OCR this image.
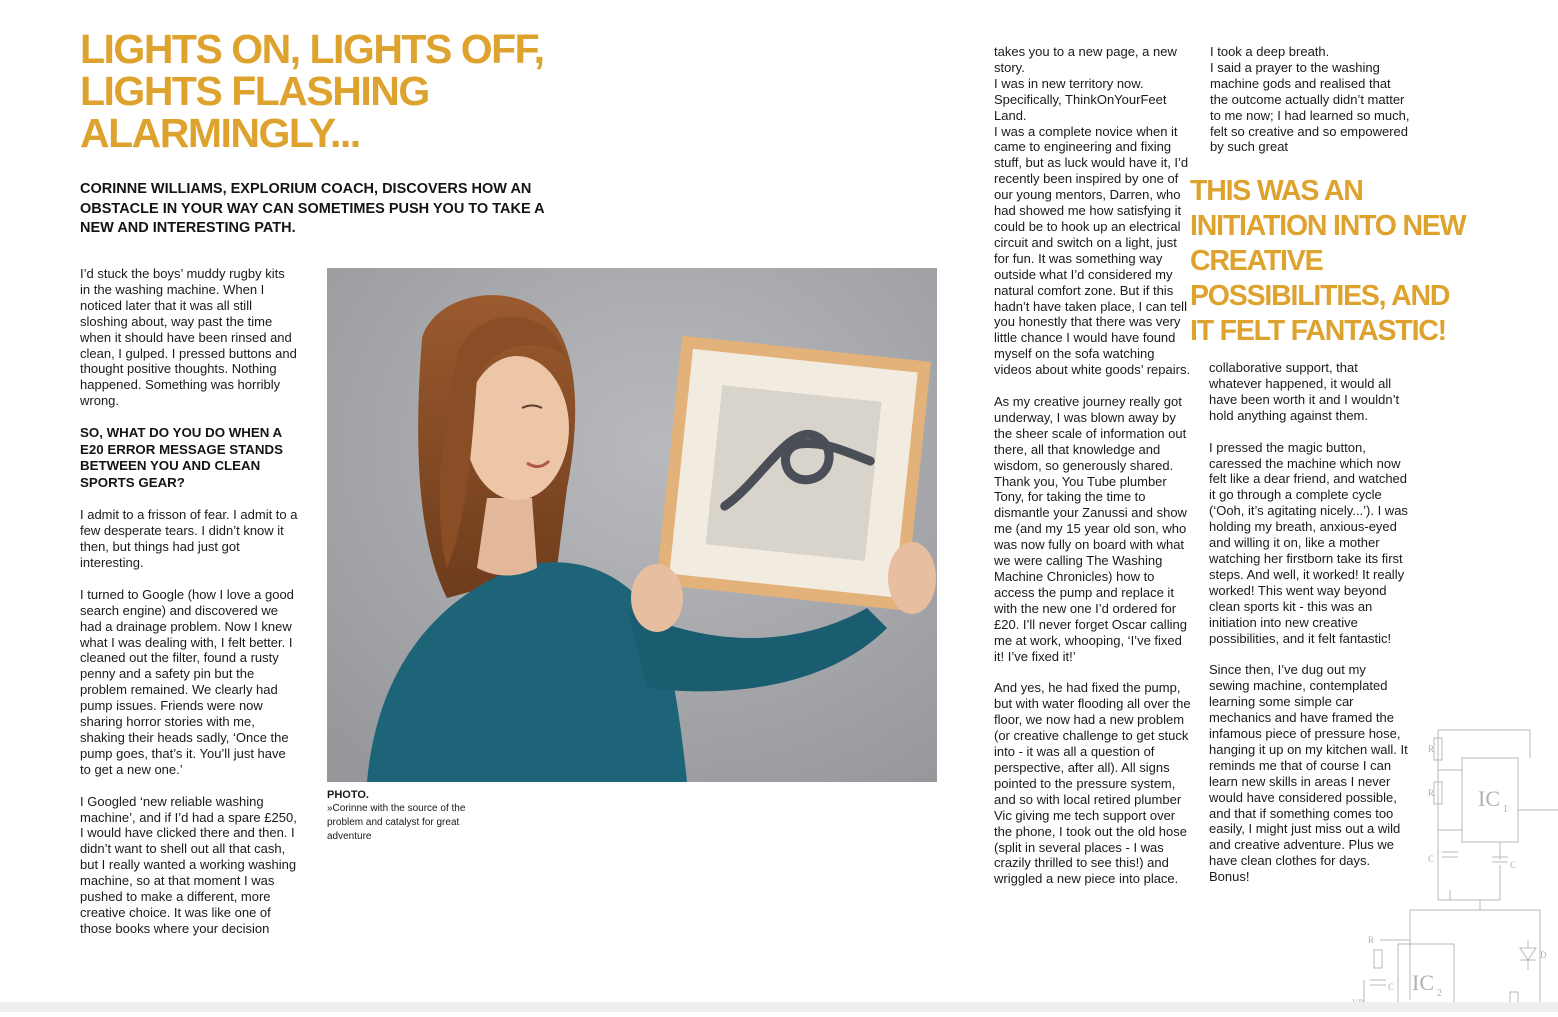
LIGHTS ON, LIGHTS OFF, LIGHTS FLASHING ALARMINGLY...

CORINNE WILLIAMS, EXPLORIUM COACH, DISCOVERS HOW AN OBSTACLE IN YOUR WAY CAN SOMETIMES PUSH YOU TO TAKE A NEW AND INTERESTING PATH.

I’d stuck the boys’ muddy rugby kits in the washing machine. When I noticed later that it was all still sloshing about, way past the time when it should have been rinsed and clean, I gulped. I pressed buttons and thought positive thoughts. Nothing happened. Something was horribly wrong.

SO, WHAT DO YOU DO WHEN A E20 ERROR MESSAGE STANDS BETWEEN YOU AND CLEAN SPORTS GEAR?

I admit to a frisson of fear. I admit to a few desperate tears. I didn’t know it then, but things had just got interesting.

I turned to Google (how I love a good search engine) and discovered we had a drainage problem. Now I knew what I was dealing with, I felt better. I cleaned out the filter, found a rusty penny and a safety pin but the problem remained. We clearly had pump issues. Friends were now sharing horror stories with me, shaking their heads sadly, ‘Once the pump goes, that’s it. You’ll just have to get a new one.’

I Googled ‘new reliable washing machine’, and if I’d had a spare £250, I would have clicked there and then. I didn’t want to shell out all that cash, but I really wanted a working washing machine, so at that moment I was pushed to make a different, more creative choice. It was like one of those books where your decision

PHOTO.
»Corinne with the source of the problem and catalyst for great adventure

takes you to a new page, a new story.

I was in new territory now. Specifically, ThinkOnYourFeet Land.

I was a complete novice when it came to engineering and fixing stuff, but as luck would have it, I’d recently been inspired by one of our young mentors, Darren, who had showed me how satisfying it could be to hook up an electrical circuit and switch on a light, just for fun. It was something way outside what I’d considered my natural comfort zone. But if this hadn’t have taken place, I can tell you honestly that there was very little chance I would have found myself on the sofa watching videos about white goods’ repairs.

As my creative journey really got underway, I was blown away by the sheer scale of information out there, all that knowledge and wisdom, so generously shared. Thank you, You Tube plumber Tony, for taking the time to dismantle your Zanussi and show me (and my 15 year old son, who was now fully on board with what we were calling The Washing Machine Chronicles) how to access the pump and replace it with the new one I’d ordered for £20. I’ll never forget Oscar calling me at work, whooping, ‘I’ve fixed it! I’ve fixed it!’

And yes, he had fixed the pump, but with water flooding all over the floor, we now had a new problem (or creative challenge to get stuck into - it was all a question of perspective, after all). All signs pointed to the pressure system, and so with local retired plumber Vic giving me tech support over the phone, I took out the old hose (split in several places - I was crazily thrilled to see this!) and wriggled a new piece into place.

I took a deep breath.

I said a prayer to the washing machine gods and realised that the outcome actually didn’t matter to me now; I had learned so much, felt so creative and so empowered by such great

THIS WAS AN INITIATION INTO NEW CREATIVE POSSIBILITIES, AND IT FELT FANTASTIC!

collaborative support, that whatever happened, it would all have been worth it and I wouldn’t hold anything against them.

I pressed the magic button, caressed the machine which now felt like a dear friend, and watched it go through a complete cycle (‘Ooh, it’s agitating nicely...’). I was holding my breath, anxious-eyed and willing it on, like a mother watching her firstborn take its first steps. And well, it worked! It really worked! This went way beyond clean sports kit - this was an initiation into new creative possibilities, and it felt fantastic!

Since then, I’ve dug out my sewing machine, contemplated learning some simple car mechanics and have framed the infamous piece of pressure hose, hanging it up on my kitchen wall. It reminds me that of course I can learn new skills in areas I never would have considered possible, and that if something comes too easily, I might just miss out a wild and creative adventure. Plus we have clean clothes for days. Bonus!

IC 1
R
R
C
C
IC 2
R
C
D
